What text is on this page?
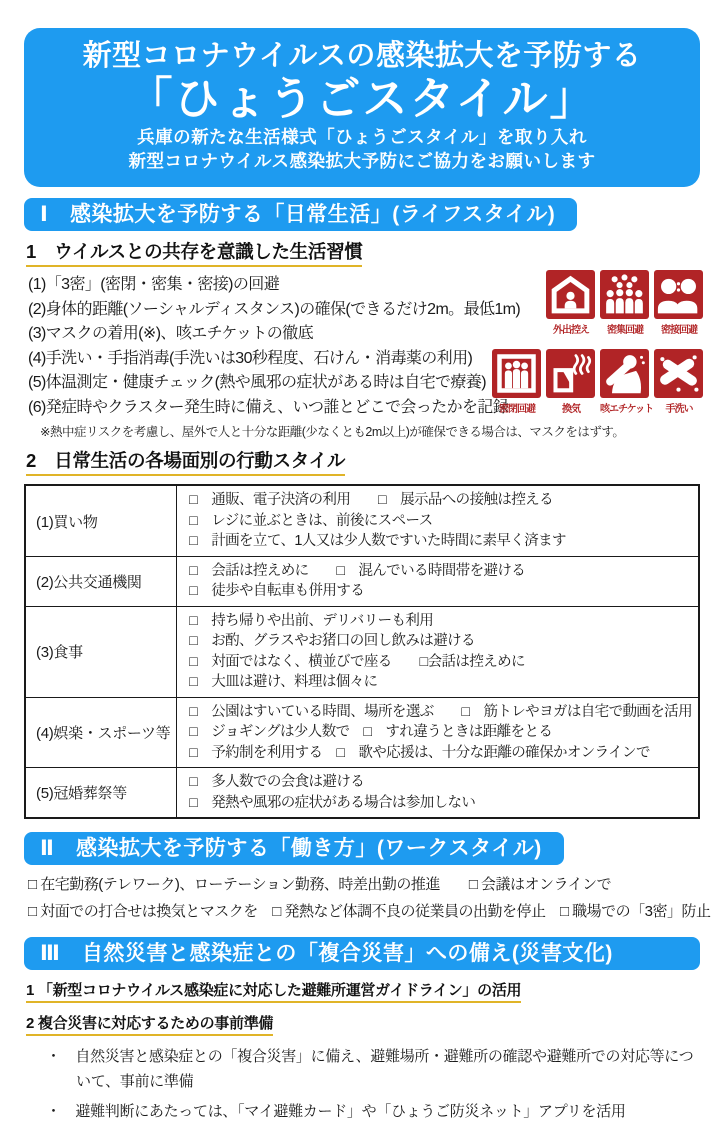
新型コロナウイルスの感染拡大を予防する
「ひょうごスタイル」
兵庫の新たな生活様式「ひょうごスタイル」を取り入れ
新型コロナウイルス感染拡大予防にご協力をお願いします
Ⅰ　感染拡大を予防する「日常生活」(ライフスタイル)
1　ウイルスとの共存を意識した生活習慣
(1)「3密」(密閉・密集・密接)の回避
(2)身体的距離(ソーシャルディスタンス)の確保(できるだけ2m。最低1m)
(3)マスクの着用(※)、咳エチケットの徹底
(4)手洗い・手指消毒(手洗いは30秒程度、石けん・消毒薬の利用)
(5)体温測定・健康チェック(熱や風邪の症状がある時は自宅で療養)
(6)発症時やクラスター発生時に備え、いつ誰とどこで会ったかを記録
※熱中症リスクを考慮し、屋外で人と十分な距離(少なくとも2m以上)が確保できる場合は、マスクをはずす。
外出控え	密集回避	密接回避
密閉回避	換気	咳エチケット	手洗い
2　日常生活の各場面別の行動スタイル
(1)買い物	□　通販、電子決済の利用　　□　展示品への接触は控える
□　レジに並ぶときは、前後にスペース
□　計画を立て、1人又は少人数ですいた時間に素早く済ます

(2)公共交通機関	□　会話は控えめに　　□　混んでいる時間帯を避ける
□　徒歩や自転車も併用する

(3)食事	□　持ち帰りや出前、デリバリーも利用
□　お酌、グラスやお猪口の回し飲みは避ける
□　対面ではなく、横並びで座る　　□会話は控えめに
□　大皿は避け、料理は個々に

(4)娯楽・スポーツ等	□　公園はすいている時間、場所を選ぶ　　□　筋トレやヨガは自宅で動画を活用
□　ジョギングは少人数で　□　すれ違うときは距離をとる
□　予約制を利用する　□　歌や応援は、十分な距離の確保かオンラインで

(5)冠婚葬祭等	□　多人数での会食は避ける
□　発熱や風邪の症状がある場合は参加しない
Ⅱ　感染拡大を予防する「働き方」(ワークスタイル)
□ 在宅勤務(テレワーク)、ローテーション勤務、時差出勤の推進　　□ 会議はオンラインで
□ 対面での打合せは換気とマスクを　□ 発熱など体調不良の従業員の出勤を停止　□ 職場での「3密」防止
Ⅲ　自然災害と感染症との「複合災害」への備え(災害文化)
1 「新型コロナウイルス感染症に対応した避難所運営ガイドライン」の活用
2 複合災害に対応するための事前準備
・　自然災害と感染症との「複合災害」に備え、避難場所・避難所の確認や避難所での対応等について、事前に準備
・　避難判断にあたっては、「マイ避難カード」や「ひょうご防災ネット」アプリを活用
